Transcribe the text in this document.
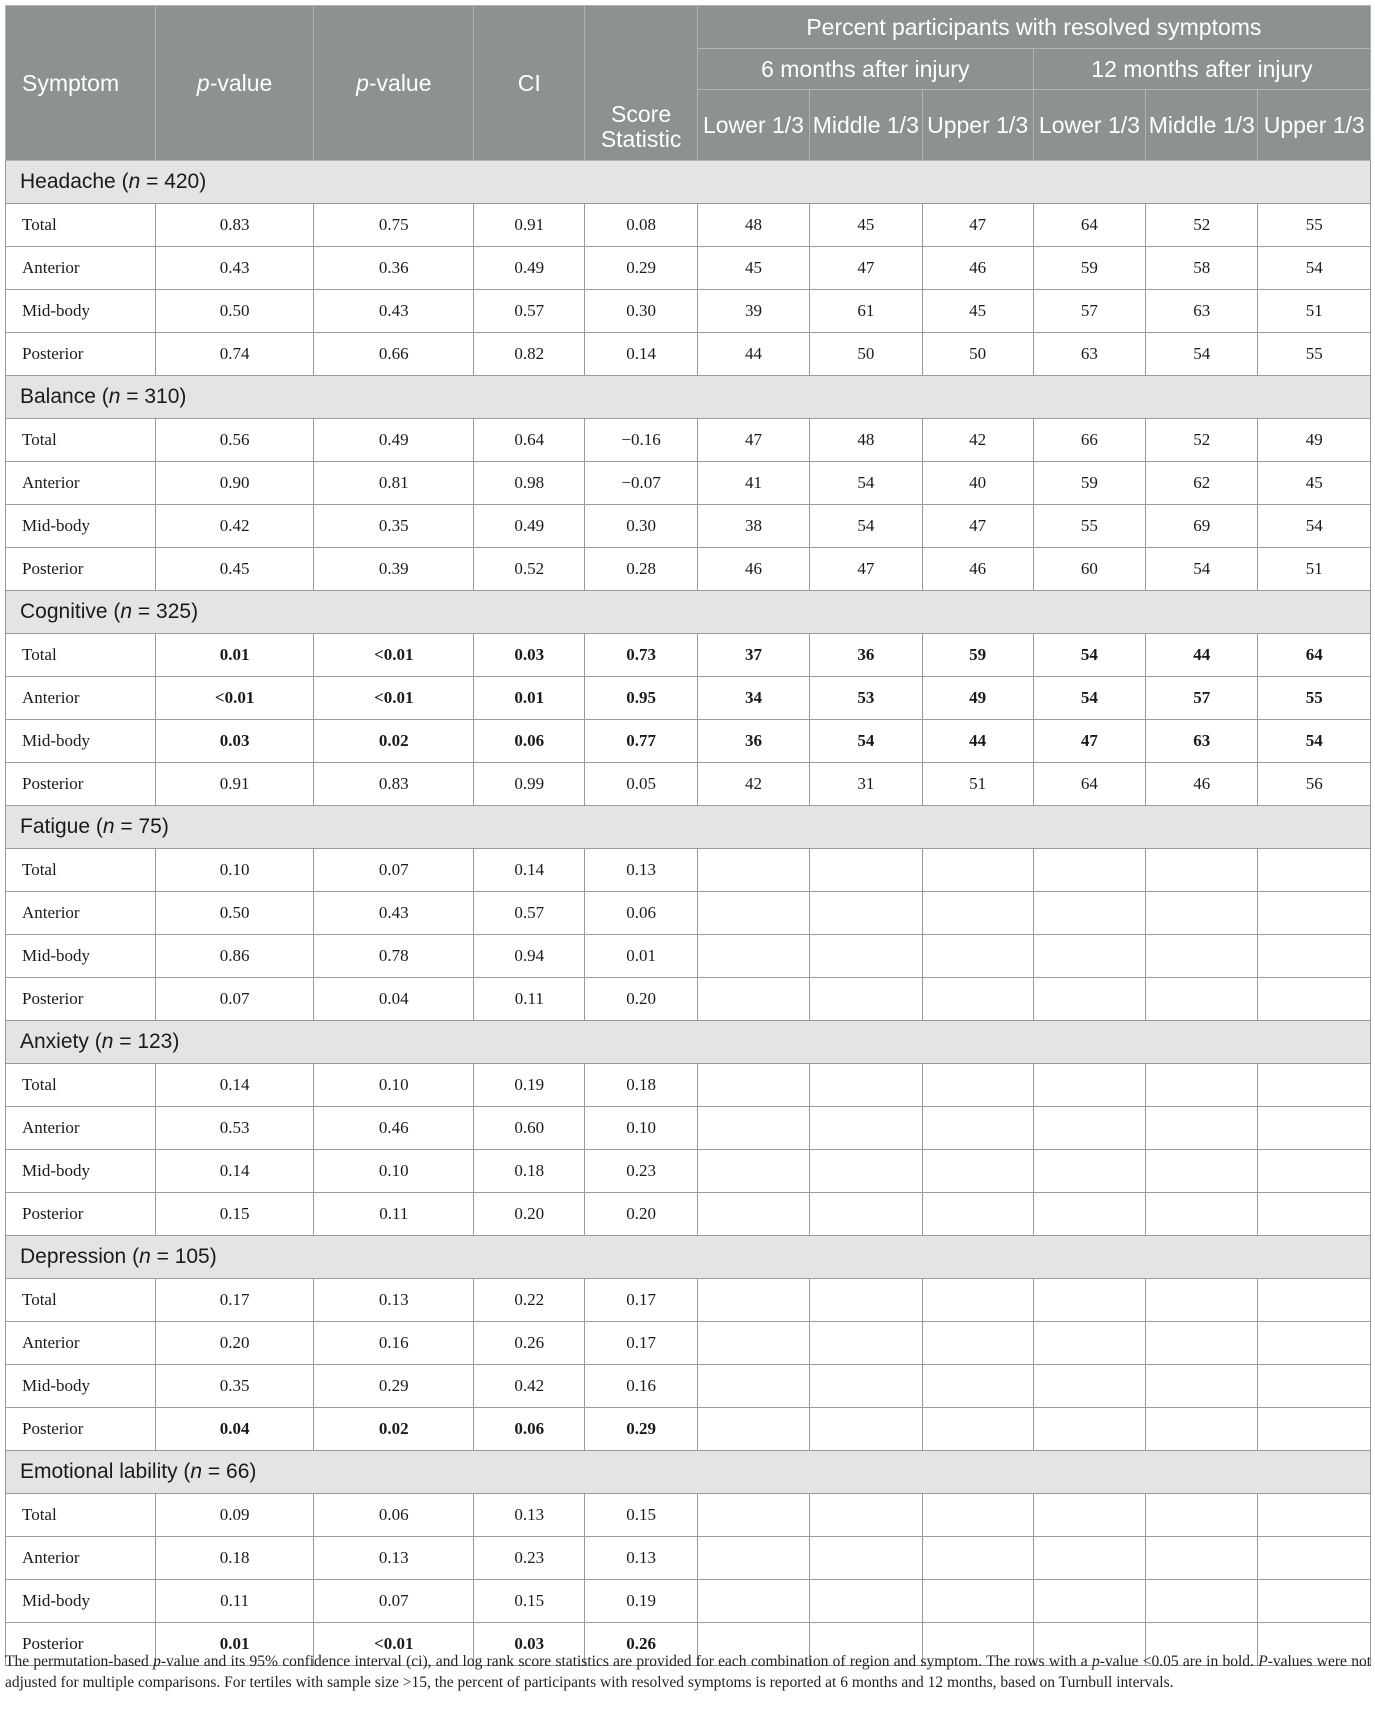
Symptom	p-value	p-value	CI	Score Statistic	Percent participants with resolved symptoms					
					6 months after injury			12 months after injury		
					Lower 1/3	Middle 1/3	Upper 1/3	Lower 1/3	Middle 1/3	Upper 1/3
Headache (n = 420)										
Total	0.83	0.75	0.91	0.08	48	45	47	64	52	55
Anterior	0.43	0.36	0.49	0.29	45	47	46	59	58	54
Mid-body	0.50	0.43	0.57	0.30	39	61	45	57	63	51
Posterior	0.74	0.66	0.82	0.14	44	50	50	63	54	55
Balance (n = 310)										
Total	0.56	0.49	0.64	−0.16	47	48	42	66	52	49
Anterior	0.90	0.81	0.98	−0.07	41	54	40	59	62	45
Mid-body	0.42	0.35	0.49	0.30	38	54	47	55	69	54
Posterior	0.45	0.39	0.52	0.28	46	47	46	60	54	51
Cognitive (n = 325)										
Total	0.01	<0.01	0.03	0.73	37	36	59	54	44	64
Anterior	<0.01	<0.01	0.01	0.95	34	53	49	54	57	55
Mid-body	0.03	0.02	0.06	0.77	36	54	44	47	63	54
Posterior	0.91	0.83	0.99	0.05	42	31	51	64	46	56
Fatigue (n = 75)										
Total	0.10	0.07	0.14	0.13						
Anterior	0.50	0.43	0.57	0.06						
Mid-body	0.86	0.78	0.94	0.01						
Posterior	0.07	0.04	0.11	0.20						
Anxiety (n = 123)										
Total	0.14	0.10	0.19	0.18						
Anterior	0.53	0.46	0.60	0.10						
Mid-body	0.14	0.10	0.18	0.23						
Posterior	0.15	0.11	0.20	0.20						
Depression (n = 105)										
Total	0.17	0.13	0.22	0.17						
Anterior	0.20	0.16	0.26	0.17						
Mid-body	0.35	0.29	0.42	0.16						
Posterior	0.04	0.02	0.06	0.29						
Emotional lability (n = 66)										
Total	0.09	0.06	0.13	0.15						
Anterior	0.18	0.13	0.23	0.13						
Mid-body	0.11	0.07	0.15	0.19						
Posterior	0.01	<0.01	0.03	0.26						
The permutation-based p-value and its 95% confidence interval (ci), and log rank score statistics are provided for each combination of region and symptom. The rows with a p-value <0.05 are in bold. P-values were not adjusted for multiple comparisons. For tertiles with sample size >15, the percent of participants with resolved symptoms is reported at 6 months and 12 months, based on Turnbull intervals.
